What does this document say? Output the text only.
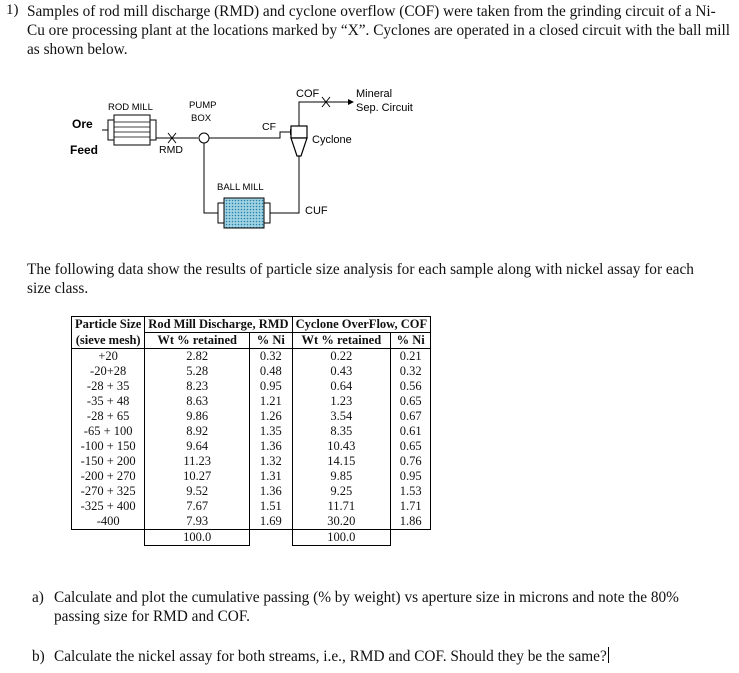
1) Samples of rod mill discharge (RMD) and cyclone overflow (COF) were taken from the grinding circuit of a Ni-Cu ore processing plant at the locations marked by “X”. Cyclones are operated in a closed circuit with the ball mill as shown below.
ROD MILL	PUMP
BOX
Ore
Feed	RMD
CF
COF	Mineral
Sep. Circuit
Cyclone
BALL MILL
CUF
The following data show the results of particle size analysis for each sample along with nickel assay for each size class.
Particle Size	Rod Mill Discharge, RMD		Cyclone OverFlow, COF	
(sieve mesh)	Wt % retained	% Ni	Wt % retained	% Ni
+20	2.82	0.32	0.22	0.21
-20+28	5.28	0.48	0.43	0.32
-28 + 35	8.23	0.95	0.64	0.56
-35 + 48	8.63	1.21	1.23	0.65
-28 + 65	9.86	1.26	3.54	0.67
-65 + 100	8.92	1.35	8.35	0.61
-100 + 150	9.64	1.36	10.43	0.65
-150 + 200	11.23	1.32	14.15	0.76
-200 + 270	10.27	1.31	9.85	0.95
-270 + 325	9.52	1.36	9.25	1.53
-325 + 400	7.67	1.51	11.71	1.71
-400	7.93	1.69	30.20	1.86
	100.0		100.0	
a) Calculate and plot the cumulative passing (% by weight) vs aperture size in microns and note the 80% passing size for RMD and COF.
b) Calculate the nickel assay for both streams, i.e., RMD and COF. Should they be the same?
